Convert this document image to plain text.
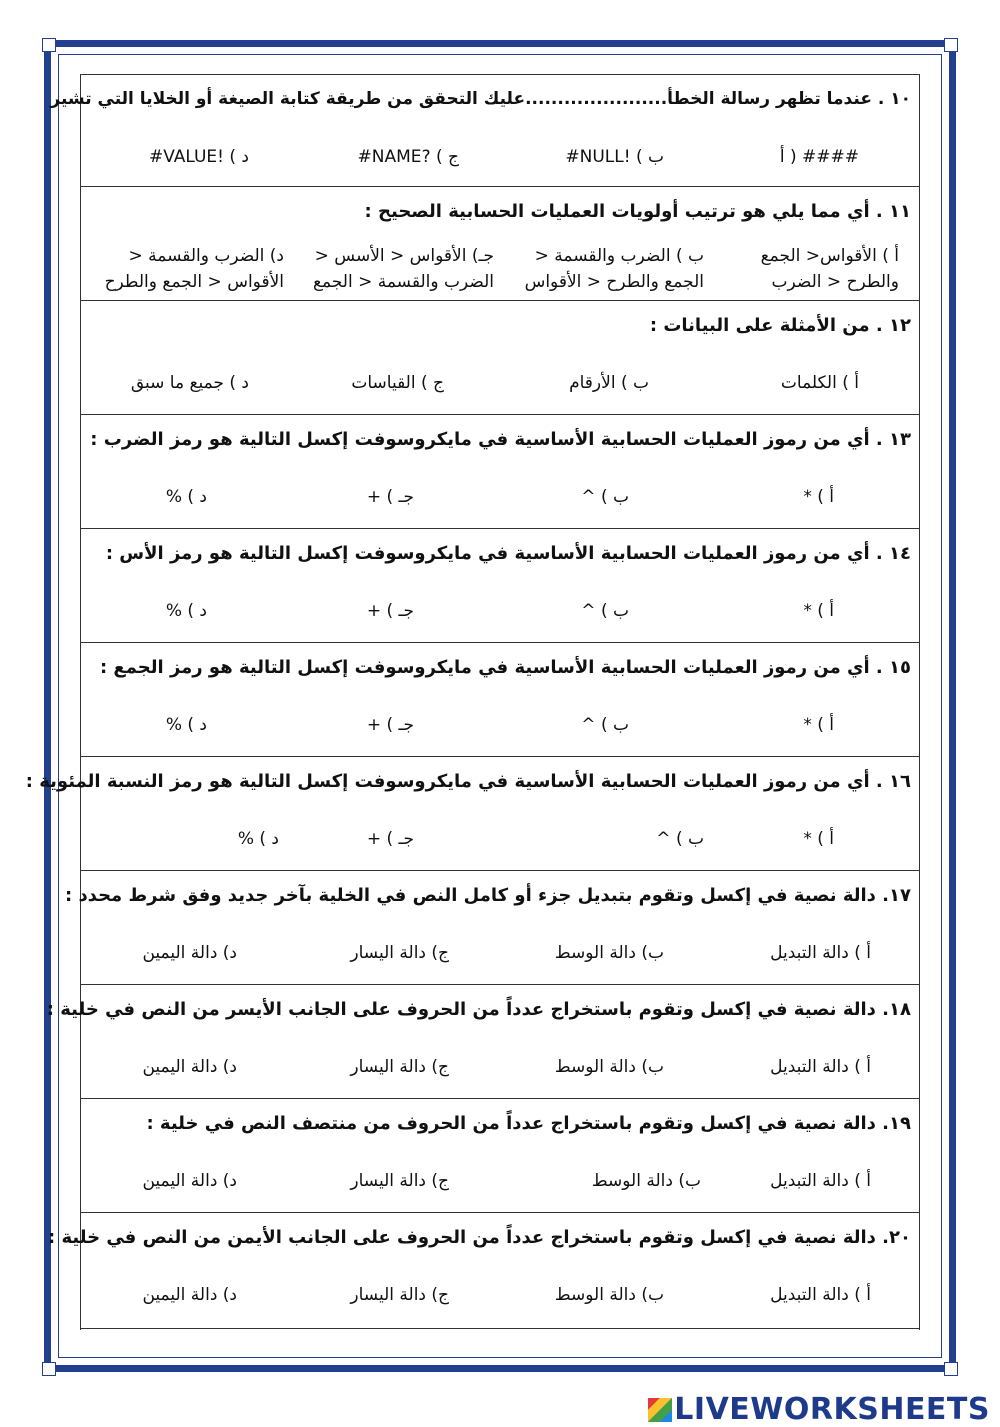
١٠ . عندما تظهر رسالة الخطأ......................عليك التحقق من طريقة كتابة الصيغة أو الخلايا التي تشير
أ ) ####
ب ) !NULL#
ج ) ?NAME#
د ) !VALUE#
١١ . أي مما يلي هو ترتيب أولويات العمليات الحسابية الصحيح :
أ ) الأقواس< الجمع
والطرح < الضرب
ب ) الضرب والقسمة <
الجمع والطرح < الأقواس
جـ) الأقواس < الأسس <
الضرب والقسمة < الجمع
د) الضرب والقسمة <
الأقواس < الجمع والطرح
١٢ . من الأمثلة على البيانات :
أ ) الكلمات
ب ) الأرقام
ج ) القياسات
د ) جميع ما سبق
١٣ . أي من رموز العمليات الحسابية الأساسية في مايكروسوفت إكسل التالية هو رمز الضرب :
أ ) *
ب ) ^
جـ ) +
د ) %
١٤ . أي من رموز العمليات الحسابية الأساسية في مايكروسوفت إكسل التالية هو رمز الأس :
أ ) *
ب ) ^
جـ ) +
د ) %
١٥ . أي من رموز العمليات الحسابية الأساسية في مايكروسوفت إكسل التالية هو رمز الجمع :
أ ) *
ب ) ^
جـ ) +
د ) %
١٦ . أي من رموز العمليات الحسابية الأساسية في مايكروسوفت إكسل التالية هو رمز النسبة المئوية :
أ ) *
ب ) ^
جـ ) +
د ) %
١٧. دالة نصية في إكسل وتقوم بتبديل جزء أو كامل النص في الخلية بآخر جديد وفق شرط محدد :
أ ) دالة التبديل
ب) دالة الوسط
ج) دالة اليسار
د) دالة اليمين
١٨. دالة نصية في إكسل وتقوم باستخراج عدداً من الحروف على الجانب الأيسر من النص في خلية :
أ ) دالة التبديل
ب) دالة الوسط
ج) دالة اليسار
د) دالة اليمين
١٩. دالة نصية في إكسل وتقوم باستخراج عدداً من الحروف من منتصف النص في خلية :
أ ) دالة التبديل
ب) دالة الوسط
ج) دالة اليسار
د) دالة اليمين
٢٠. دالة نصية في إكسل وتقوم باستخراج عدداً من الحروف على الجانب الأيمن من النص في خلية :
أ ) دالة التبديل
ب) دالة الوسط
ج) دالة اليسار
د) دالة اليمين
LIVEWORKSHEETS
